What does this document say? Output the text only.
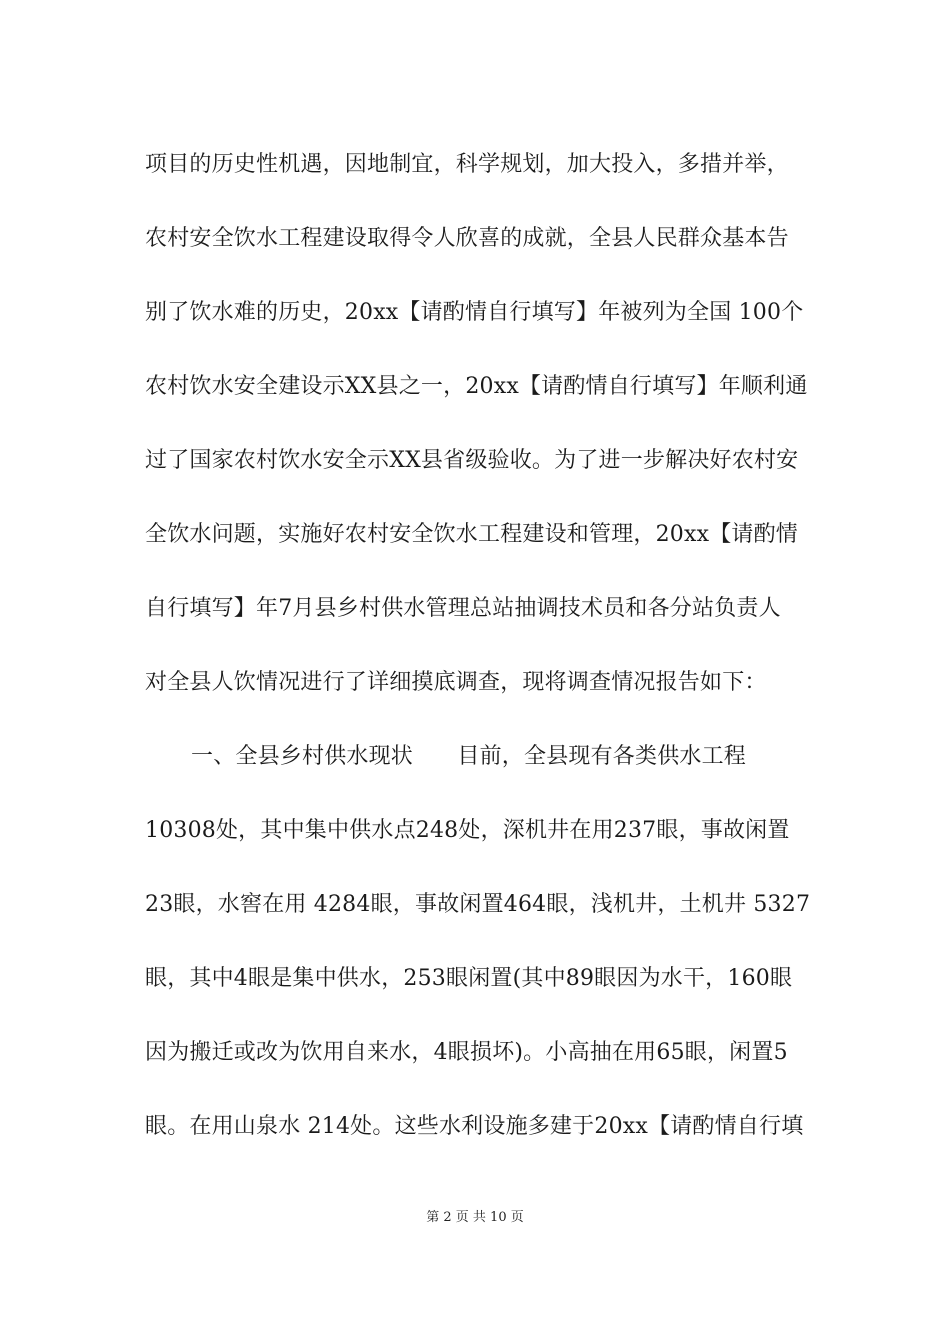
项目的历史性机遇，因地制宜，科学规划，加大投入，多措并举，
农村安全饮水工程建设取得令人欣喜的成就，全县人民群众基本告
别了饮水难的历史，20xx【请酌情自行填写】年被列为全国 100个
农村饮水安全建设示XX县之一，20xx【请酌情自行填写】年顺利通
过了国家农村饮水安全示XX县省级验收。为了进一步解决好农村安
全饮水问题，实施好农村安全饮水工程建设和管理，20xx【请酌情
自行填写】年7月县乡村供水管理总站抽调技术员和各分站负责人
对全县人饮情况进行了详细摸底调查，现将调查情况报告如下：
一、全县乡村供水现状　　目前，全县现有各类供水工程
10308处，其中集中供水点248处，深机井在用237眼，事故闲置
23眼，水窖在用 4284眼，事故闲置464眼，浅机井，土机井 5327
眼，其中4眼是集中供水，253眼闲置(其中89眼因为水干，160眼
因为搬迁或改为饮用自来水，4眼损坏)。小高抽在用65眼，闲置5
眼。在用山泉水 214处。这些水利设施多建于20xx【请酌情自行填
第 2 页 共 10 页
